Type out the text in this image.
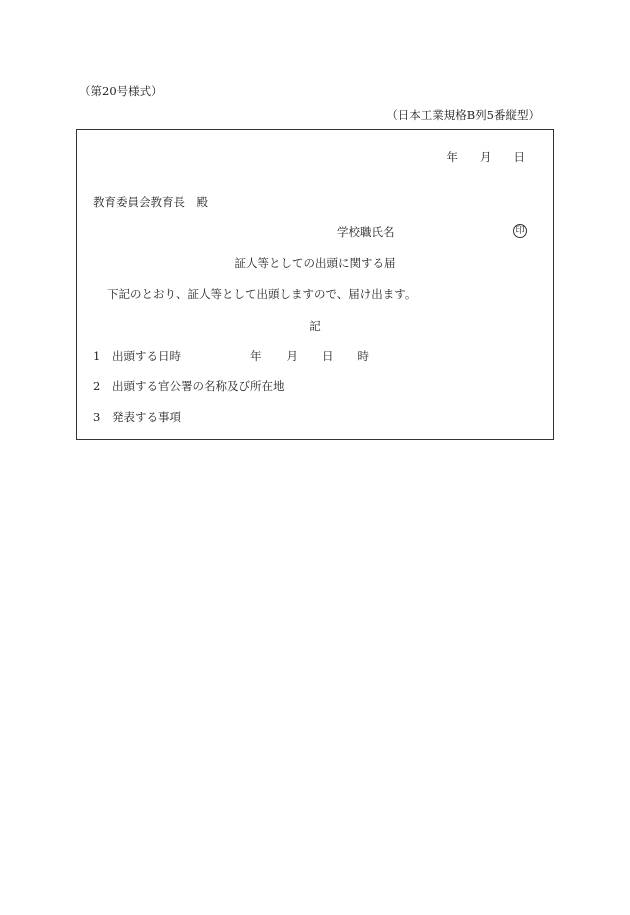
（第20号様式）
（日本工業規格B列5番縦型）
年 月 日
教育委員会教育長　殿
学校職氏名	印
証人等としての出頭に関する届
下記のとおり、証人等として出頭しますので、届け出ます。
記
1 出頭する日時	年 月 日 時
2 出頭する官公署の名称及び所在地
3 発表する事項
